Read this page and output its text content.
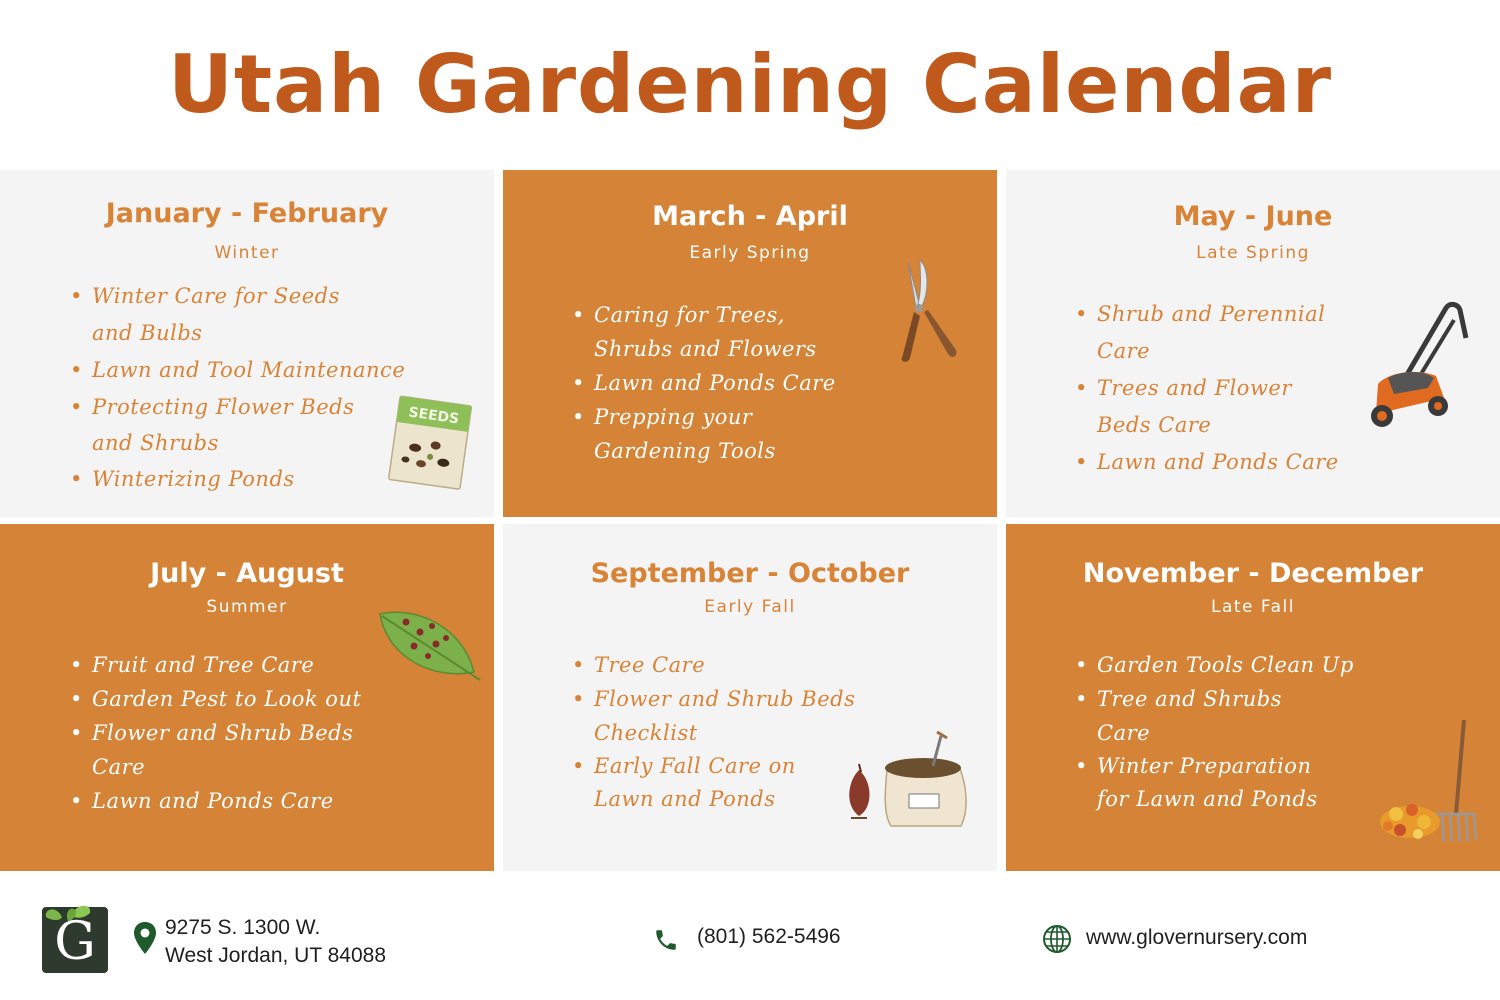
Utah Gardening Calendar
January - February
Winter
• Winter Care for Seeds
and Bulbs
• Lawn and Tool Maintenance
• Protecting Flower Beds
and Shrubs
• Winterizing Ponds
SEEDS
March - April
Early Spring
• Caring for Trees,
Shrubs and Flowers
• Lawn and Ponds Care
• Prepping your
Gardening Tools
May - June
Late Spring
• Shrub and Perennial
Care
• Trees and Flower
Beds Care
• Lawn and Ponds Care
July - August
Summer
• Fruit and Tree Care
• Garden Pest to Look out
• Flower and Shrub Beds
Care
• Lawn and Ponds Care
September - October
Early Fall
• Tree Care
• Flower and Shrub Beds
Checklist
• Early Fall Care on
Lawn and Ponds
November - December
Late Fall
• Garden Tools Clean Up
• Tree and Shrubs
Care
• Winter Preparation
for Lawn and Ponds
G	9275 S. 1300 W.
West Jordan, UT 84088
(801) 562-5496	www.glovernursery.com
